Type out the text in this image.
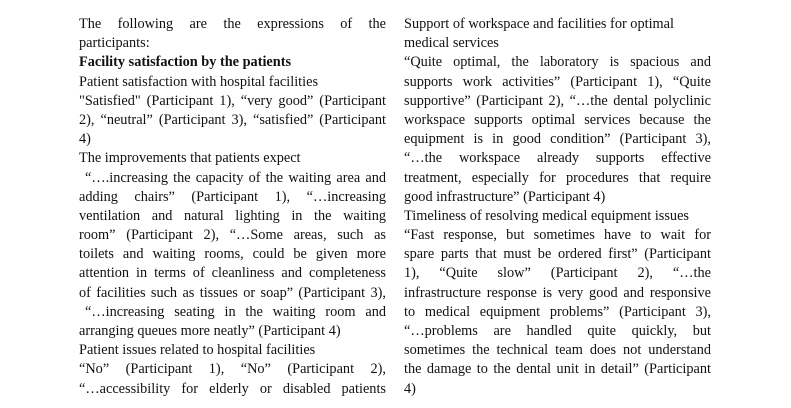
The following are the expressions of the
participants:
Facility satisfaction by the patients
Patient satisfaction with hospital facilities
"Satisfied" (Participant 1), “very good” (Participant
2), “neutral” (Participant 3), “satisfied” (Participant
4)
The improvements that patients expect
“….increasing the capacity of the waiting area and
adding chairs” (Participant 1), “…increasing
ventilation and natural lighting in the waiting
room” (Participant 2), “…Some areas, such as
toilets and waiting rooms, could be given more
attention in terms of cleanliness and completeness
of facilities such as tissues or soap” (Participant 3),
“…increasing seating in the waiting room and
arranging queues more neatly” (Participant 4)
Patient issues related to hospital facilities
“No” (Participant 1), “No” (Participant 2),
“…accessibility for elderly or disabled patients
Support of workspace and facilities for optimal
medical services
“Quite optimal, the laboratory is spacious and
supports work activities” (Participant 1), “Quite
supportive” (Participant 2), “…the dental polyclinic
workspace supports optimal services because the
equipment is in good condition” (Participant 3),
“…the workspace already supports effective
treatment, especially for procedures that require
good infrastructure” (Participant 4)
Timeliness of resolving medical equipment issues
“Fast response, but sometimes have to wait for
spare parts that must be ordered first” (Participant
1), “Quite slow” (Participant 2), “…the
infrastructure response is very good and responsive
to medical equipment problems” (Participant 3),
“…problems are handled quite quickly, but
sometimes the technical team does not understand
the damage to the dental unit in detail” (Participant
4)
